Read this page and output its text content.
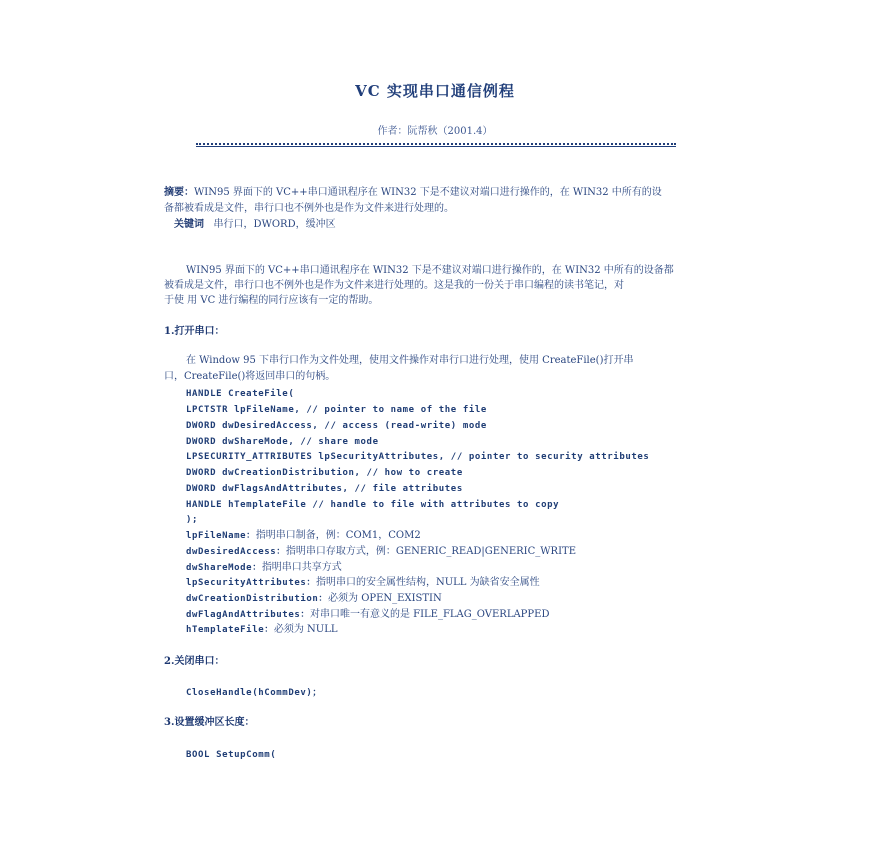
VC 实现串口通信例程
作者：阮帮秋（2001.4）
摘要：WIN95 界面下的 VC++串口通讯程序在 WIN32 下是不建议对端口进行操作的，在 WIN32 中所有的设
备都被看成是文件，串行口也不例外也是作为文件来进行处理的。
关键词 串行口，DWORD，缓冲区
WIN95 界面下的 VC++串口通讯程序在 WIN32 下是不建议对端口进行操作的，在 WIN32 中所有的设备都
被看成是文件，串行口也不例外也是作为文件来进行处理的。这是我的一份关于串口编程的读书笔记，对
于使 用 VC 进行编程的同行应该有一定的帮助。
1.打开串口：
在 Window 95 下串行口作为文件处理，使用文件操作对串行口进行处理，使用 CreateFile()打开串
口，CreateFile()将返回串口的句柄。
HANDLE CreateFile(
LPCTSTR lpFileName, // pointer to name of the file
DWORD dwDesiredAccess, // access (read-write) mode
DWORD dwShareMode, // share mode
LPSECURITY_ATTRIBUTES lpSecurityAttributes, // pointer to security attributes
DWORD dwCreationDistribution, // how to create
DWORD dwFlagsAndAttributes, // file attributes
HANDLE hTemplateFile // handle to file with attributes to copy
);
lpFileName：指明串口制备，例：COM1，COM2
dwDesiredAccess：指明串口存取方式，例：GENERIC_READ|GENERIC_WRITE
dwShareMode：指明串口共享方式
lpSecurityAttributes：指明串口的安全属性结构，NULL 为缺省安全属性
dwCreationDistribution：必须为 OPEN_EXISTIN
dwFlagAndAttributes：对串口唯一有意义的是 FILE_FLAG_OVERLAPPED
hTemplateFile：必须为 NULL
2.关闭串口：
CloseHandle(hCommDev)；
3.设置缓冲区长度：
BOOL SetupComm(
